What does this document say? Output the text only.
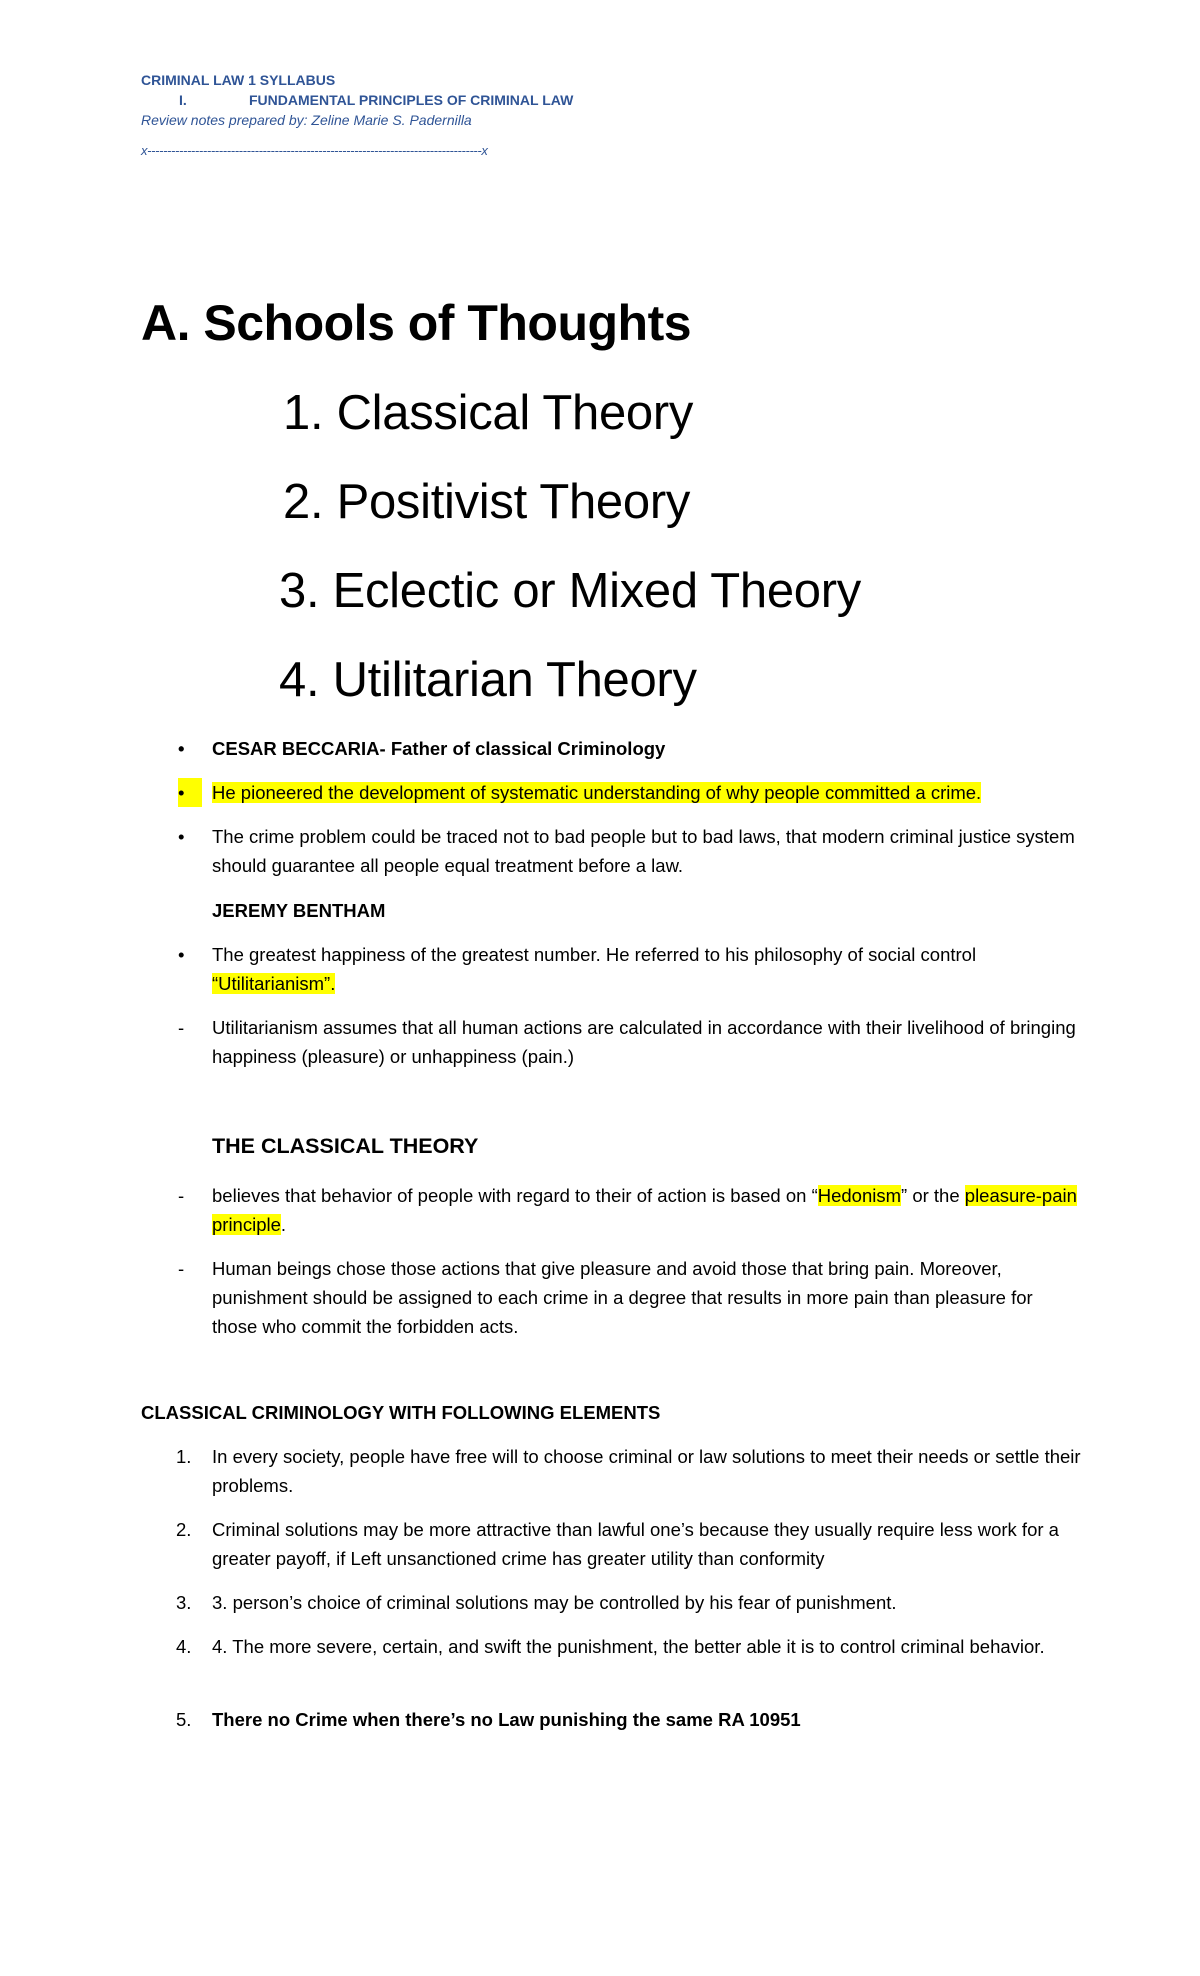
CRIMINAL LAW 1 SYLLABUS
I.	FUNDAMENTAL PRINCIPLES OF CRIMINAL LAW
Review notes prepared by: Zeline Marie S. Padernilla
x------------------------------------------------------------------------------------x
A. Schools of Thoughts
1. Classical Theory
2. Positivist Theory
3. Eclectic or Mixed Theory
4. Utilitarian Theory
•	CESAR BECCARIA- Father of classical Criminology
•	He pioneered the development of systematic understanding of why people committed a crime.
•	The crime problem could be traced not to bad people but to bad laws, that modern criminal justice system should guarantee all people equal treatment before a law.
JEREMY BENTHAM
•	The greatest happiness of the greatest number. He referred to his philosophy of social control “Utilitarianism”.
-	Utilitarianism assumes that all human actions are calculated in accordance with their livelihood of bringing happiness (pleasure) or unhappiness (pain.)
THE CLASSICAL THEORY
-	believes that behavior of people with regard to their of action is based on “Hedonism” or the pleasure-pain principle.
-	Human beings chose those actions that give pleasure and avoid those that bring pain. Moreover, punishment should be assigned to each crime in a degree that results in more pain than pleasure for those who commit the forbidden acts.
CLASSICAL CRIMINOLOGY WITH FOLLOWING ELEMENTS
1. In every society, people have free will to choose criminal or law solutions to meet their needs or settle their problems.
2. Criminal solutions may be more attractive than lawful one’s because they usually require less work for a greater payoff, if Left unsanctioned crime has greater utility than conformity
3. 3. person’s choice of criminal solutions may be controlled by his fear of punishment.
4. 4. The more severe, certain, and swift the punishment, the better able it is to control criminal behavior.
5. There no Crime when there’s no Law punishing the same RA 10951
